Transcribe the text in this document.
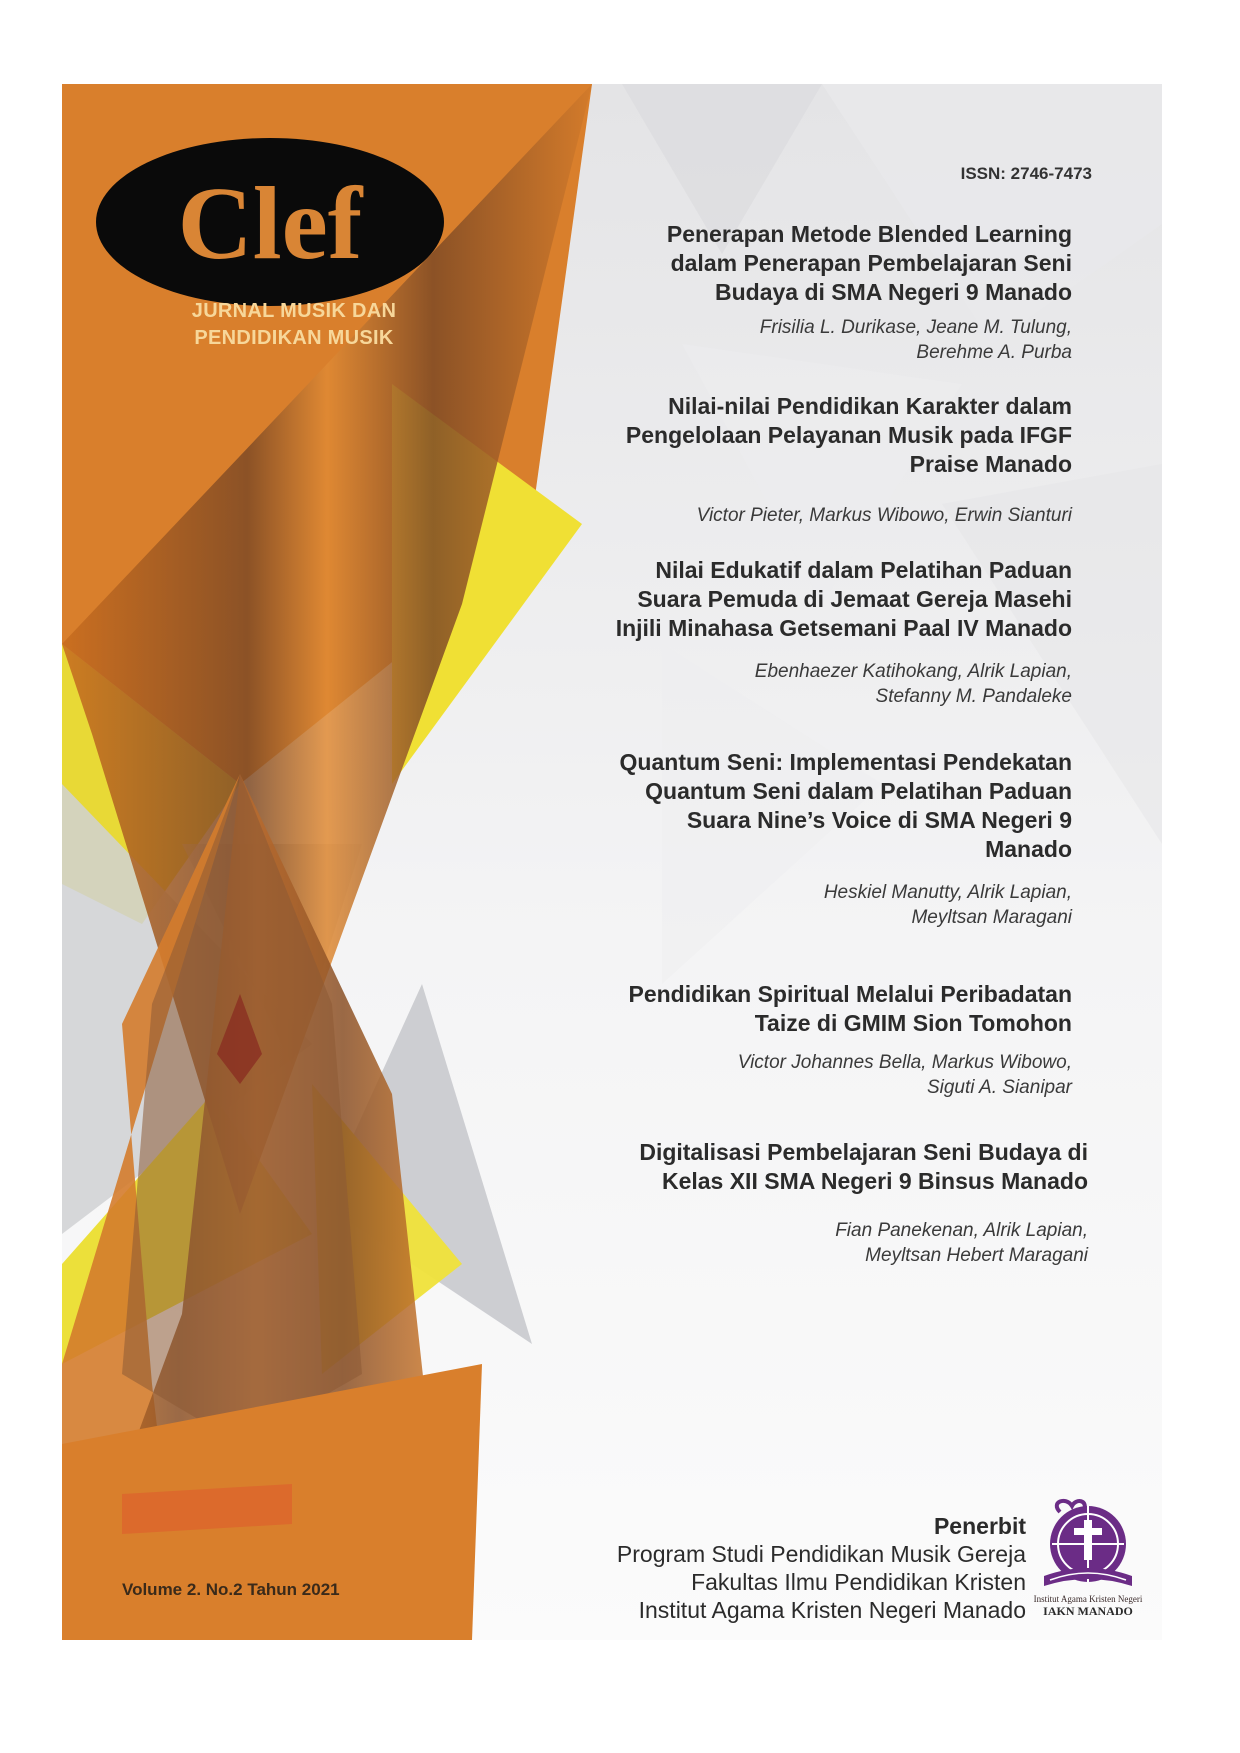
Clef
JURNAL MUSIK DAN
PENDIDIKAN MUSIK
ISSN: 2746-7473
Penerapan Metode Blended Learning
dalam Penerapan Pembelajaran Seni
Budaya di SMA Negeri 9 Manado
Frisilia L. Durikase, Jeane M. Tulung,
Berehme A. Purba
Nilai-nilai Pendidikan Karakter dalam
Pengelolaan Pelayanan Musik pada IFGF
Praise Manado
Victor Pieter, Markus Wibowo, Erwin Sianturi
Nilai Edukatif dalam Pelatihan Paduan
Suara Pemuda di Jemaat Gereja Masehi
Injili Minahasa Getsemani Paal IV Manado
Ebenhaezer Katihokang, Alrik Lapian,
Stefanny M. Pandaleke
Quantum Seni: Implementasi Pendekatan
Quantum Seni dalam Pelatihan Paduan
Suara Nine’s Voice di SMA Negeri 9
Manado
Heskiel Manutty, Alrik Lapian,
Meyltsan Maragani
Pendidikan Spiritual Melalui Peribadatan
Taize di GMIM Sion Tomohon
Victor Johannes Bella, Markus Wibowo,
Siguti A. Sianipar
Digitalisasi Pembelajaran Seni Budaya di
Kelas XII SMA Negeri 9 Binsus Manado
Fian Panekenan, Alrik Lapian,
Meyltsan Hebert Maragani
Volume 2. No.2 Tahun 2021
Penerbit
Program Studi Pendidikan Musik Gereja
Fakultas Ilmu Pendidikan Kristen
Institut Agama Kristen Negeri Manado Institut Agama Kristen Negeri
IAKN MANADO
